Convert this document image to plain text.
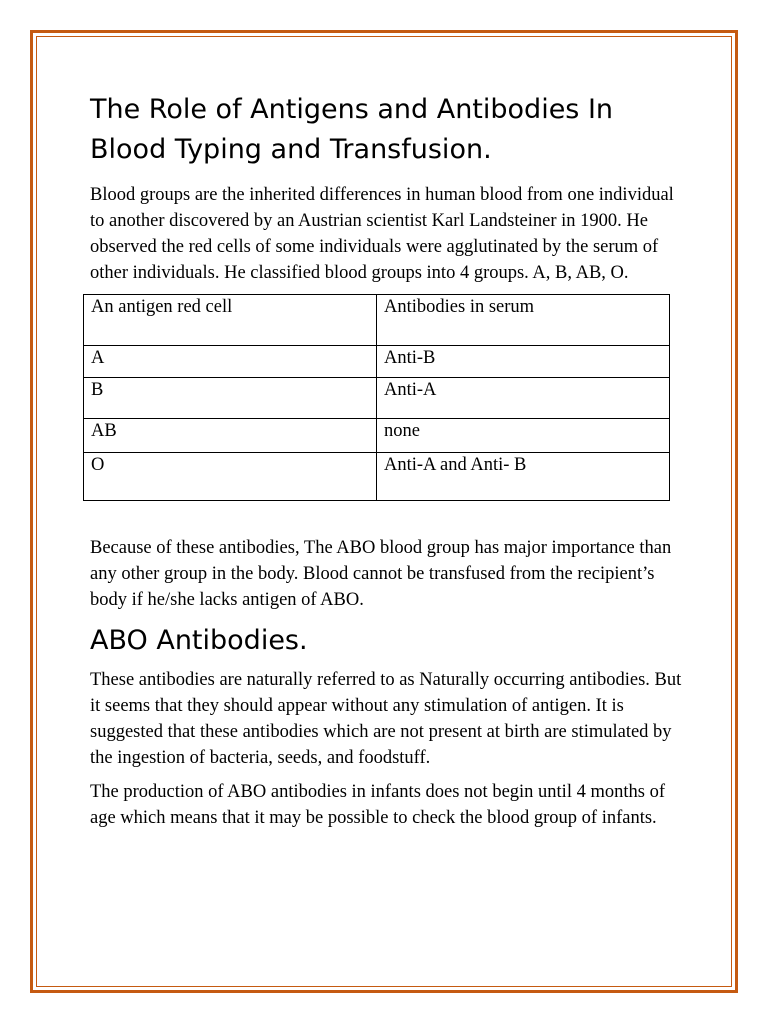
The Role of Antigens and Antibodies In Blood Typing and Transfusion.

Blood groups are the inherited differences in human blood from one individual to another discovered by an Austrian scientist Karl Landsteiner in 1900. He observed the red cells of some individuals were agglutinated by the serum of other individuals. He classified blood groups into 4 groups. A, B, AB, O.

An antigen red cell	Antibodies in serum
A	Anti-B
B	Anti-A
AB	none
O	Anti-A and Anti- B

Because of these antibodies, The ABO blood group has major importance than any other group in the body. Blood cannot be transfused from the recipient’s body if he/she lacks antigen of ABO.

ABO Antibodies.

These antibodies are naturally referred to as Naturally occurring antibodies. But it seems that they should appear without any stimulation of antigen. It is suggested that these antibodies which are not present at birth are stimulated by the ingestion of bacteria, seeds, and foodstuff.

The production of ABO antibodies in infants does not begin until 4 months of age which means that it may be possible to check the blood group of infants.
